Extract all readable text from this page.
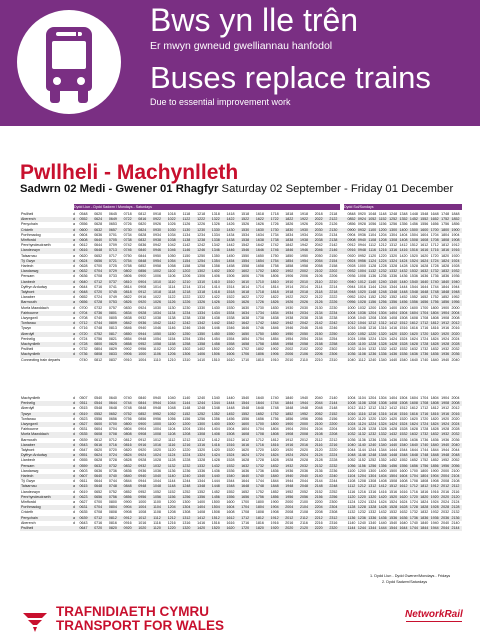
Bws yn lle trên
Er mwyn gwneud gwelliannau hanfodol
Buses replace trains
Due to essential improvement work
Pwllheli - Machynlleth
Sadwrn 02 Medi - Gwener 01 Rhagfyr Saturday 02 September - Friday 01 December
Dydd Llun - Dydd Sadwrn / Mondays - Saturdays	Dydd Sul/Sundays
Pwllheli	d	0548	0620	0645	0718	0812	0918	1018	1118	1218	1318	1418	1518	1618	1718	1818	1918	2018	2118	0848 0920 1048 1148 1248 1348 1448 1548 1648 1748 1848
Abererch	d	0552	0624	0649	0722	0816	0922	1022	1122	1222	1322	1422	1522	1622	1722	1822	1922	2022	2122	0852 0924 1052 1152 1252 1352 1452 1552 1652 1752 1852
Penychain	a	0556	0628	0653	0726	0820	0926	1026	1126	1226	1326	1426	1526	1626	1726	1826	1926	2026	2126	0856 0928 1056 1156 1256 1356 1456 1556 1656 1756 1856
Cricieth	d	0600	0632	0657	0730	0824	0930	1030	1130	1230	1330	1430	1530	1630	1730	1830	1930	2030	2130	0900 0932 1100 1200 1300 1400 1500 1600 1700 1800 1900
Porthmadog	d	0604	0636	0701	0734	0828	0934	1034	1134	1234	1334	1434	1534	1634	1734	1834	1934	2034	2134	0904 0936 1104 1204 1304 1404 1504 1604 1704 1804 1904
Minffordd	a	0608	0640	0705	0738	0832	0938	1038	1138	1238	1338	1438	1538	1638	1738	1838	1938	2038	2138	0908 0940 1108 1208 1308 1408 1508 1608 1708 1808 1908
Penrhyndeudraeth	d	0612	0644	0709	0742	0836	0942	1042	1142	1242	1342	1442	1542	1642	1742	1842	1942	2042	2142	0912 0944 1112 1212 1312 1412 1512 1612 1712 1812 1912
Llandecwyn	d	0616	0648	0713	0746	0840	0946	1046	1146	1246	1346	1446	1546	1646	1746	1846	1946	2046	2146	0916 0948 1116 1216 1316 1416 1516 1616 1716 1816 1916
Talsarnau	a	0620	0652	0717	0750	0844	0950	1050	1150	1250	1350	1450	1550	1650	1750	1850	1950	2050	2150	0920 0952 1120 1220 1320 1420 1520 1620 1720 1820 1920
Tŷ Gwyn	d	0624	0656	0721	0754	0848	0954	1054	1154	1254	1354	1454	1554	1654	1754	1854	1954	2054	2154	0924 0956 1124 1224 1324 1424 1524 1624 1724 1824 1924
Harlech	d	0628	0700	0725	0758	0852	0958	1058	1158	1258	1358	1458	1558	1658	1758	1858	1958	2058	2158	0928 1000 1128 1228 1328 1428 1528 1628 1728 1828 1928
Llandanwg	a	0632	0704	0729	0802	0856	1002	1102	1202	1302	1402	1502	1602	1702	1802	1902	2002	2102	2202	0932 1004 1132 1232 1332 1432 1532 1632 1732 1832 1932
Pensarn	d	0636	0708	0733	0806	0900	1006	1106	1206	1306	1406	1506	1606	1706	1806	1906	2006	2106	2206	0936 1008 1136 1236 1336 1436 1536 1636 1736 1836 1936
Llanbedr	d	0640	0712	0737	0810	0904	1010	1110	1210	1310	1410	1510	1610	1710	1810	1910	2010	2110	2210	0940 1012 1140 1240 1340 1440 1540 1640 1740 1840 1940
Dyffryn Ardudwy	a	0644	0716	0741	0814	0908	1014	1114	1214	1314	1414	1514	1614	1714	1814	1914	2014	2114	2214	0944 1016 1144 1244 1344 1444 1544 1644 1744 1844 1944
Talybont	d	0648	0720	0745	0818	0912	1018	1118	1218	1318	1418	1518	1618	1718	1818	1918	2018	2118	2218	0948 1020 1148 1248 1348 1448 1548 1648 1748 1848 1948
Llanaber	d	0652	0724	0749	0822	0916	1022	1122	1222	1322	1422	1522	1622	1722	1822	1922	2022	2122	2222	0952 1024 1152 1252 1352 1452 1552 1652 1752 1852 1952
Barmouth	a	0656	0728	0753	0826	0920	1026	1126	1226	1326	1426	1526	1626	1726	1826	1926	2026	2126	2226	0956 1028 1156 1256 1356 1456 1556 1656 1756 1856 1956
Morfa Mawddach	d	0700	0732	0757	0830	0924	1030	1130	1230	1330	1430	1530	1630	1730	1830	1930	2030	2130	2230	1000 1032 1200 1300 1400 1500 1600 1700 1800 1900 2000
Fairbourne	d	0704	0736	0801	0834	0928	1034	1134	1234	1334	1434	1534	1634	1734	1834	1934	2034	2134	2234	1004 1036 1204 1304 1404 1504 1604 1704 1804 1904 2004
Llwyngwril	a	0708	0740	0805	0838	0932	1038	1138	1238	1338	1438	1538	1638	1738	1838	1938	2038	2138	2238	1008 1040 1208 1308 1408 1508 1608 1708 1808 1908 2008
Tonfanau	d	0712	0744	0809	0842	0936	1042	1142	1242	1342	1442	1542	1642	1742	1842	1942	2042	2142	2242	1012 1044 1212 1312 1412 1512 1612 1712 1812 1912 2012
Tywyn	d	0716	0748	0813	0846	0940	1046	1146	1246	1346	1446	1546	1646	1746	1846	1946	2046	2146	2246	1016 1048 1216 1316 1416 1516 1616 1716 1816 1916 2016
Aberdyfi	a	0720	0752	0817	0850	0944	1050	1150	1250	1350	1450	1550	1650	1750	1850	1950	2050	2150	2250	1020 1052 1220 1320 1420 1520 1620 1720 1820 1920 2020
Penhelig	d	0724	0756	0821	0854	0948	1054	1154	1254	1354	1454	1554	1654	1754	1854	1954	2054	2154	2254	1024 1056 1224 1324 1424 1524 1624 1724 1824 1924 2024
Machynlleth	d	0728	0800	0825	0858	0952	1058	1158	1258	1358	1458	1558	1658	1758	1858	1958	2058	2158	2258	1028 1100 1228 1328 1428 1528 1628 1728 1828 1928 2028
Pwllheli	a	0732	0804	0829	0902	0956	1102	1202	1302	1402	1502	1602	1702	1802	1902	2002	2102	2202	2302	1032 1104 1232 1332 1432 1532 1632 1732 1832 1932 2032
Machynlleth	d	0736	0808	0833	0906	1000	1106	1206	1306	1406	1506	1606	1706	1806	1906	2006	2106	2206	2306	1036 1108 1236 1336 1436 1536 1636 1736 1836 1936 2036
Connecting train departs	0740	0812	0837	0910	1004	1110	1210	1310	1410	1510	1610	1710	1810	1910	2010	2110	2210	2310	1040 1112 1240 1340 1440 1540 1640 1740 1840 1940 2040
Machynlleth	d	0507	0540	0640	0740	0840	0940	1040	1140	1240	1340	1440	1540	1640	1740	1840	1940	2040	2140	1004 1104 1204 1304 1404 1504 1604 1704 1804 1904 2004
Penhelig	d	0511	0544	0644	0744	0844	0944	1044	1144	1244	1344	1444	1544	1644	1744	1844	1944	2044	2144	1008 1108 1208 1308 1408 1508 1608 1708 1808 1908 2008
Aberdyfi	a	0515	0548	0648	0748	0848	0948	1048	1148	1248	1348	1448	1548	1648	1748	1848	1948	2048	2148	1012 1112 1212 1312 1412 1512 1612 1712 1812 1912 2012
Tywyn	d	0519	0552	0652	0752	0852	0952	1052	1152	1252	1352	1452	1552	1652	1752	1852	1952	2052	2152	1016 1116 1216 1316 1416 1516 1616 1716 1816 1916 2016
Tonfanau	d	0523	0556	0656	0756	0856	0956	1056	1156	1256	1356	1456	1556	1656	1756	1856	1956	2056	2156	1020 1120 1220 1320 1420 1520 1620 1720 1820 1920 2020
Llwyngwril	a	0527	0600	0700	0800	0900	1000	1100	1200	1300	1400	1500	1600	1700	1800	1900	2000	2100	2200	1024 1124 1224 1324 1424 1524 1624 1724 1824 1924 2024
Fairbourne	d	0531	0604	0704	0804	0904	1004	1104	1204	1304	1404	1504	1604	1704	1804	1904	2004	2104	2204	1028 1128 1228 1328 1428 1528 1628 1728 1828 1928 2028
Morfa Mawddach	d	0535	0608	0708	0808	0908	1008	1108	1208	1308	1408	1508	1608	1708	1808	1908	2008	2108	2208	1032 1132 1232 1332 1432 1532 1632 1732 1832 1932 2032
Barmouth	a	0539	0612	0712	0812	0912	1012	1112	1212	1312	1412	1512	1612	1712	1812	1912	2012	2112	2212	1036 1136 1236 1336 1436 1536 1636 1736 1836 1936 2036
Llanaber	d	0543	0616	0716	0816	0916	1016	1116	1216	1316	1416	1516	1616	1716	1816	1916	2016	2116	2216	1040 1140 1240 1340 1440 1540 1640 1740 1840 1940 2040
Talybont	d	0547	0620	0720	0820	0920	1020	1120	1220	1320	1420	1520	1620	1720	1820	1920	2020	2120	2220	1044 1144 1244 1344 1444 1544 1644 1744 1844 1944 2044
Dyffryn Ardudwy	a	0551	0624	0724	0824	0924	1024	1124	1224	1324	1424	1524	1624	1724	1824	1924	2024	2124	2224	1048 1148 1248 1348 1448 1548 1648 1748 1848 1948 2048
Llanbedr	d	0555	0628	0728	0828	0928	1028	1128	1228	1328	1428	1528	1628	1728	1828	1928	2028	2128	2228	1052 1152 1252 1352 1452 1552 1652 1752 1852 1952 2052
Pensarn	d	0559	0632	0732	0832	0932	1032	1132	1232	1332	1432	1532	1632	1732	1832	1932	2032	2132	2232	1056 1156 1256 1356 1456 1556 1656 1756 1856 1956 2056
Llandanwg	a	0603	0636	0736	0836	0936	1036	1136	1236	1336	1436	1536	1636	1736	1836	1936	2036	2136	2236	1100 1200 1300 1400 1500 1600 1700 1800 1900 2000 2100
Harlech	d	0607	0640	0740	0840	0940	1040	1140	1240	1340	1440	1540	1640	1740	1840	1940	2040	2140	2240	1104 1204 1304 1404 1504 1604 1704 1804 1904 2004 2104
Tŷ Gwyn	d	0611	0644	0744	0844	0944	1044	1144	1244	1344	1444	1544	1644	1744	1844	1944	2044	2144	2244	1108 1208 1308 1408 1508 1608 1708 1808 1908 2008 2108
Talsarnau	a	0615	0648	0748	0848	0948	1048	1148	1248	1348	1448	1548	1648	1748	1848	1948	2048	2148	2248	1112 1212 1312 1412 1512 1612 1712 1812 1912 2012 2112
Llandecwyn	d	0619	0652	0752	0852	0952	1052	1152	1252	1352	1452	1552	1652	1752	1852	1952	2052	2152	2252	1116 1216 1316 1416 1516 1616 1716 1816 1916 2016 2116
Penrhyndeudraeth	d	0623	0656	0756	0856	0956	1056	1156	1256	1356	1456	1556	1656	1756	1856	1956	2056	2156	2256	1120 1220 1320 1420 1520 1620 1720 1820 1920 2020 2120
Minffordd	a	0627	0700	0800	0900	1000	1100	1200	1300	1400	1500	1600	1700	1800	1900	2000	2100	2200	2300	1124 1224 1324 1424 1524 1624 1724 1824 1924 2024 2124
Porthmadog	d	0631	0704	0804	0904	1004	1104	1204	1304	1404	1504	1604	1704	1804	1904	2004	2104	2204	2304	1128 1228 1328 1428 1528 1628 1728 1828 1928 2028 2128
Cricieth	d	0635	0708	0808	0908	1008	1108	1208	1308	1408	1508	1608	1708	1808	1908	2008	2108	2208	2308	1132 1232 1332 1432 1532 1632 1732 1832 1932 2032 2132
Penychain	a	0639	0712	0812	0912	1012	1112	1212	1312	1412	1512	1612	1712	1812	1912	2012	2112	2212	2312	1136 1236 1336 1436 1536 1636 1736 1836 1936 2036 2136
Abererch	d	0643	0716	0816	0916	1016	1116	1216	1316	1416	1516	1616	1716	1816	1916	2016	2116	2216	2316	1140 1240 1340 1440 1540 1640 1740 1840 1940 2040 2140
Pwllheli	0647	0720	0820	0920	1020	1120	1220	1320	1420	1520	1620	1720	1820	1920	2020	2120	2220	2320	1144 1244 1344 1444 1544 1644 1744 1844 1944 2044 2144
1. Dydd Llun - Dydd Gwener/Mondays - Fridays
2. Dydd Sadwrn/Saturdays
TRAFNIDIAETH CYMRU
TRANSPORT FOR WALES
NetworkRail
